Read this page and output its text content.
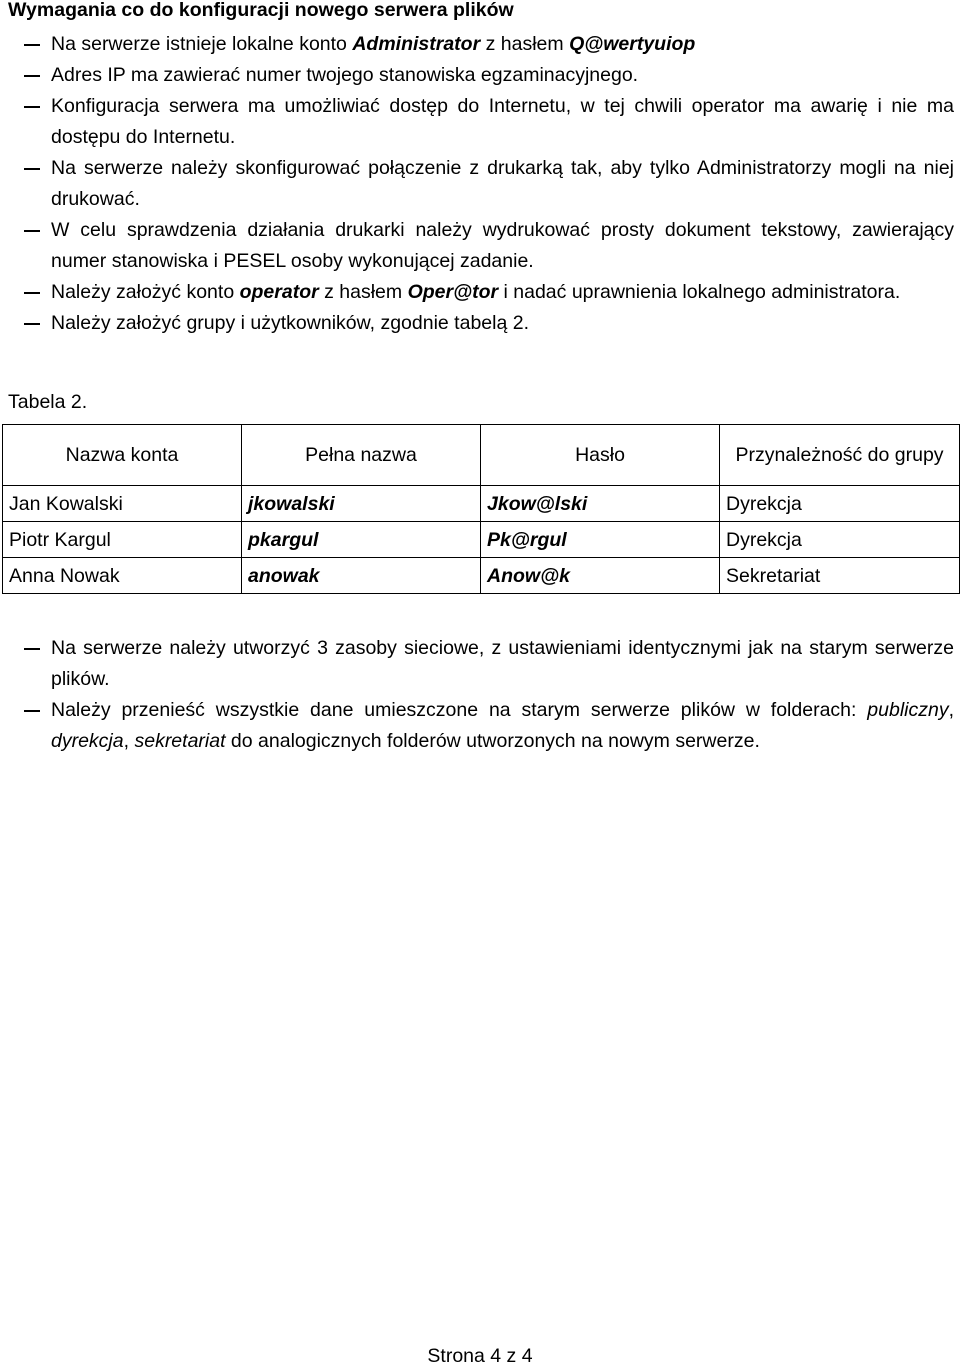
Wymagania co do konfiguracji nowego serwera plików
Na serwerze istnieje lokalne konto Administrator z hasłem Q@wertyuiop
Adres IP ma zawierać numer twojego stanowiska egzaminacyjnego.
Konfiguracja serwera ma umożliwiać dostęp do Internetu, w tej chwili operator ma awarię i nie ma dostępu do Internetu.
Na serwerze należy skonfigurować połączenie z drukarką tak, aby tylko Administratorzy mogli na niej drukować.
W celu sprawdzenia działania drukarki należy wydrukować prosty dokument tekstowy, zawierający numer stanowiska i PESEL osoby wykonującej zadanie.
Należy założyć konto operator z hasłem Oper@tor i nadać uprawnienia lokalnego administratora.
Należy założyć grupy i użytkowników, zgodnie tabelą 2.
Tabela 2.
Nazwa konta	Pełna nazwa	Hasło	Przynależność do grupy
Jan Kowalski	jkowalski	Jkow@lski	Dyrekcja
Piotr Kargul	pkargul	Pk@rgul	Dyrekcja
Anna Nowak	anowak	Anow@k	Sekretariat
Na serwerze należy utworzyć 3 zasoby sieciowe, z ustawieniami identycznymi jak na starym serwerze plików.
Należy przenieść wszystkie dane umieszczone na starym serwerze plików w folderach: publiczny, dyrekcja, sekretariat do analogicznych folderów utworzonych na nowym serwerze.
Strona 4 z 4
